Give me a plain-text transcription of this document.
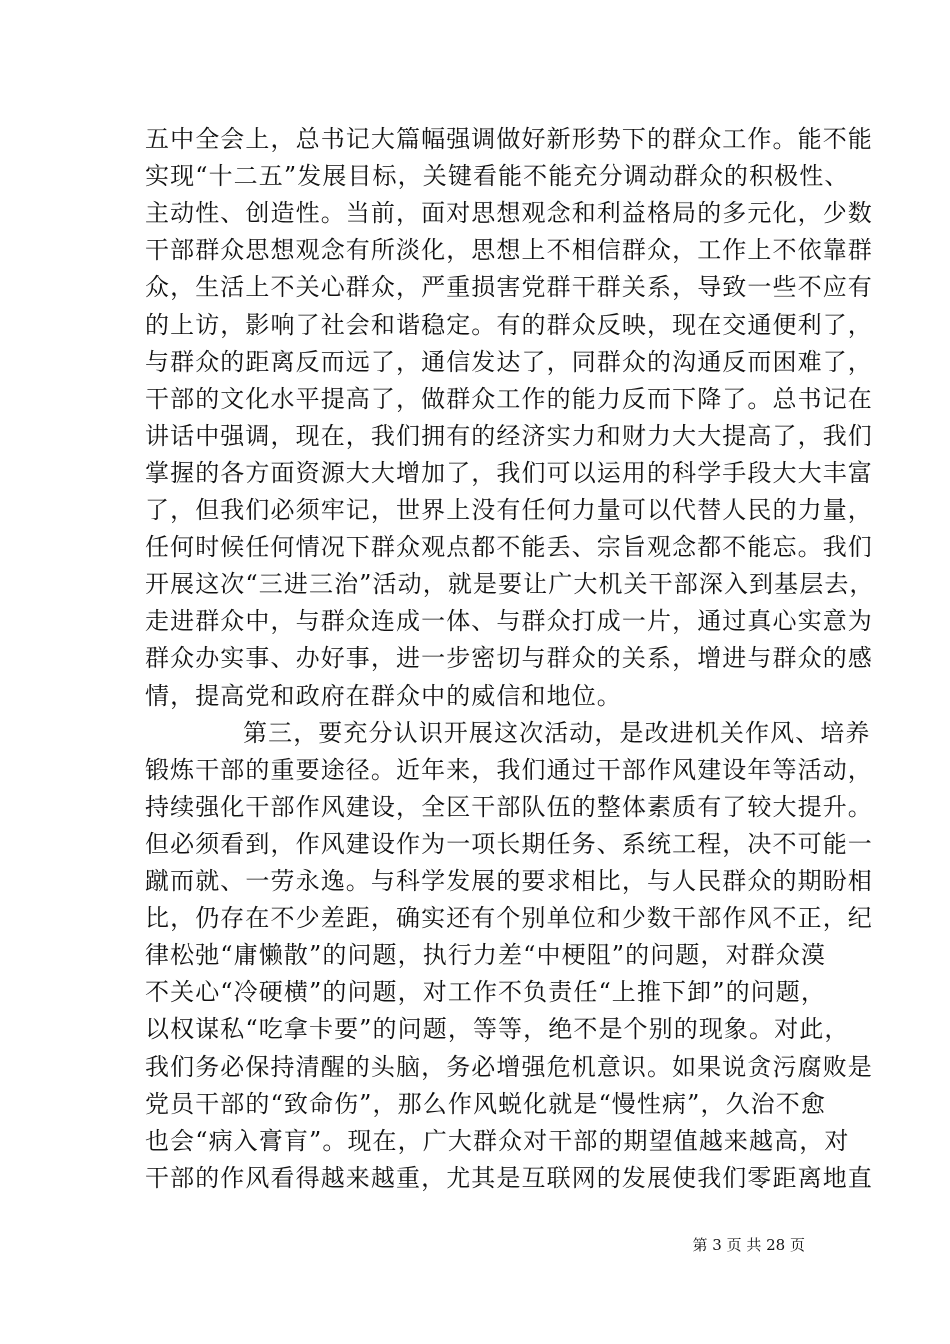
五中全会上，总书记大篇幅强调做好新形势下的群众工作。能不能
实现“十二五”发展目标，关键看能不能充分调动群众的积极性、
主动性、创造性。当前，面对思想观念和利益格局的多元化，少数
干部群众思想观念有所淡化，思想上不相信群众，工作上不依靠群
众，生活上不关心群众，严重损害党群干群关系，导致一些不应有
的上访，影响了社会和谐稳定。有的群众反映，现在交通便利了，
与群众的距离反而远了，通信发达了，同群众的沟通反而困难了，
干部的文化水平提高了，做群众工作的能力反而下降了。总书记在
讲话中强调，现在，我们拥有的经济实力和财力大大提高了，我们
掌握的各方面资源大大增加了，我们可以运用的科学手段大大丰富
了，但我们必须牢记，世界上没有任何力量可以代替人民的力量，
任何时候任何情况下群众观点都不能丢、宗旨观念都不能忘。我们
开展这次“三进三治”活动，就是要让广大机关干部深入到基层去，
走进群众中，与群众连成一体、与群众打成一片，通过真心实意为
群众办实事、办好事，进一步密切与群众的关系，增进与群众的感
情，提高党和政府在群众中的威信和地位。
第三，要充分认识开展这次活动，是改进机关作风、培养
锻炼干部的重要途径。近年来，我们通过干部作风建设年等活动，
持续强化干部作风建设，全区干部队伍的整体素质有了较大提升。
但必须看到，作风建设作为一项长期任务、系统工程，决不可能一
蹴而就、一劳永逸。与科学发展的要求相比，与人民群众的期盼相
比，仍存在不少差距，确实还有个别单位和少数干部作风不正，纪
律松弛“庸懒散”的问题，执行力差“中梗阻”的问题，对群众漠
不关心“冷硬横”的问题，对工作不负责任“上推下卸”的问题，
以权谋私“吃拿卡要”的问题，等等，绝不是个别的现象。对此，
我们务必保持清醒的头脑，务必增强危机意识。如果说贪污腐败是
党员干部的“致命伤”，那么作风蜕化就是“慢性病”，久治不愈
也会“病入膏肓”。现在，广大群众对干部的期望值越来越高，对
干部的作风看得越来越重，尤其是互联网的发展使我们零距离地直
第 3 页 共 28 页
